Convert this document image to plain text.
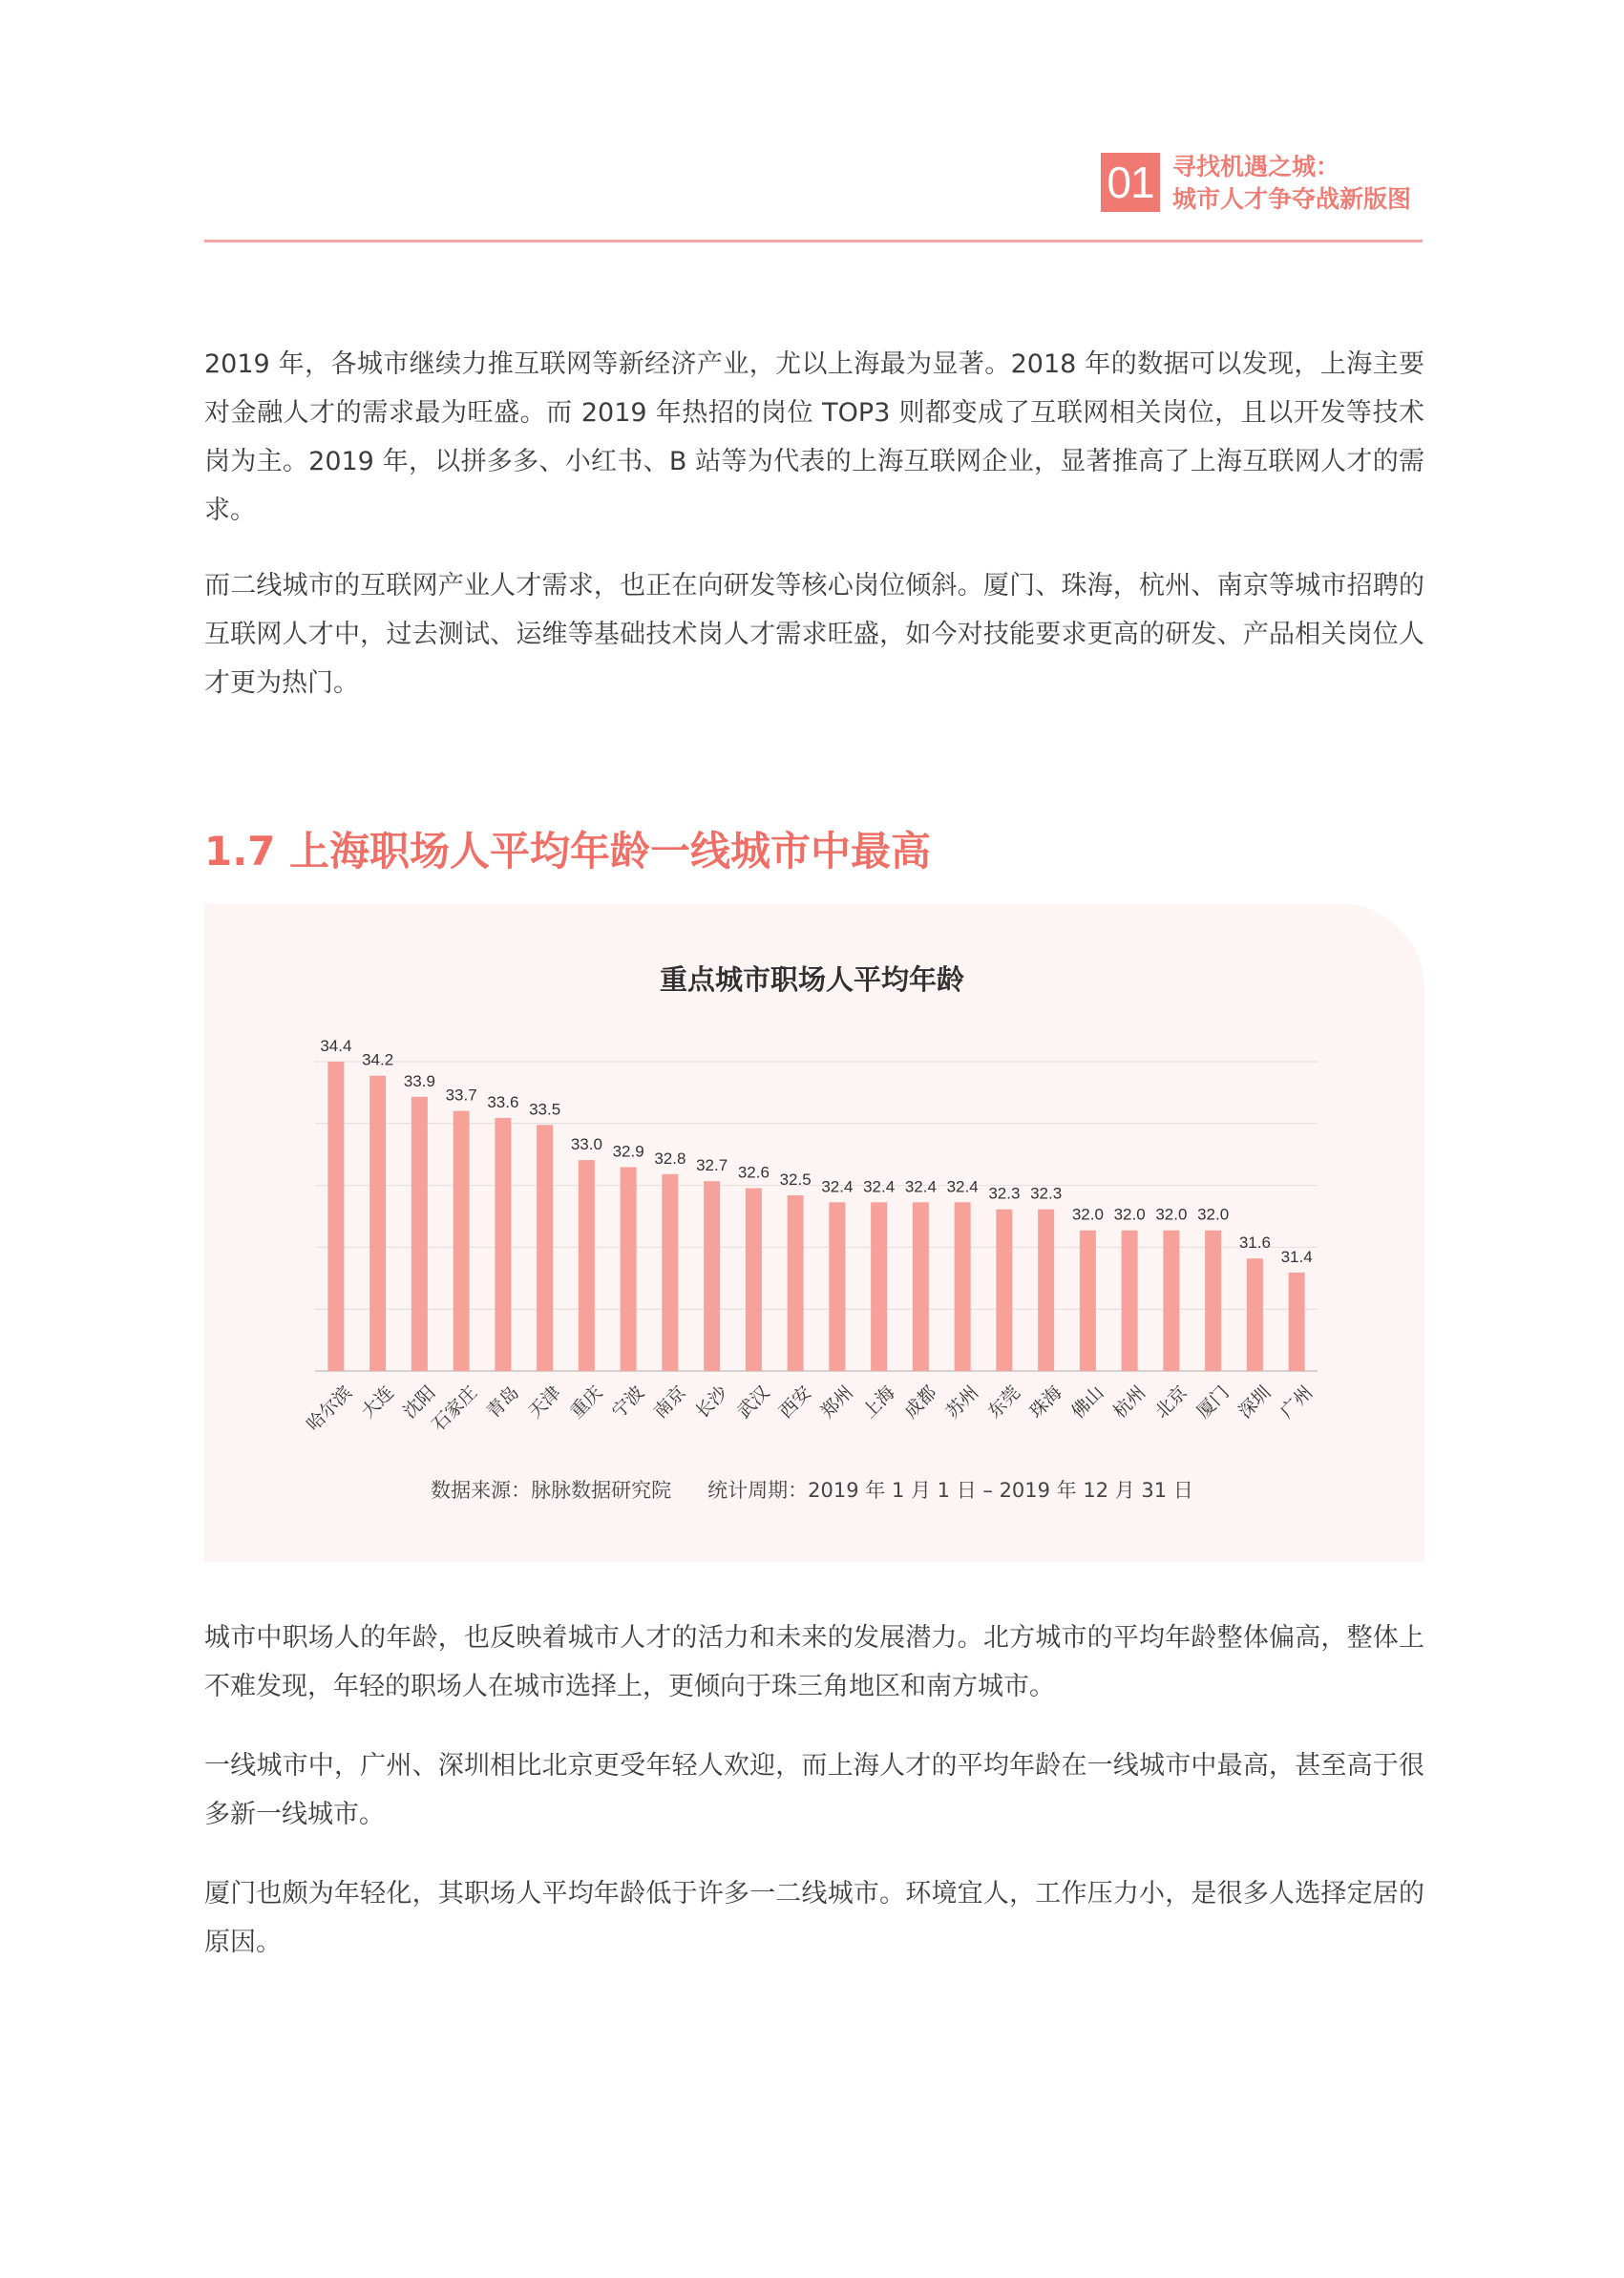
01 寻找机遇之城：
城市人才争夺战新版图

2019 年，各城市继续力推互联网等新经济产业，尤以上海最为显著。2018 年的数据可以发现，上海主要对金融人才的需求最为旺盛。而 2019 年热招的岗位 TOP3 则都变成了互联网相关岗位，且以开发等技术岗为主。2019 年，以拼多多、小红书、B 站等为代表的上海互联网企业，显著推高了上海互联网人才的需求。

而二线城市的互联网产业人才需求，也正在向研发等核心岗位倾斜。厦门、珠海，杭州、南京等城市招聘的互联网人才中，过去测试、运维等基础技术岗人才需求旺盛，如今对技能要求更高的研发、产品相关岗位人才更为热门。

1.7 上海职场人平均年龄一线城市中最高
重点城市职场人平均年龄
34.4
哈尔滨
34.2
大连
33.9
沈阳
33.7
石家庄
33.6
青岛
33.5
天津
33.0
重庆
32.9
宁波
32.8
南京
32.7
长沙
32.6
武汉
32.5
西安
32.4
郑州
32.4
上海
32.4
成都
32.4
苏州
32.3
东莞
32.3
珠海
32.0
佛山
32.0
杭州
32.0
北京
32.0
厦门
31.6
深圳
31.4
广州
数据来源：脉脉数据研究院 统计周期：2019 年 1 月 1 日 – 2019 年 12 月 31 日

城市中职场人的年龄，也反映着城市人才的活力和未来的发展潜力。北方城市的平均年龄整体偏高，整体上不难发现，年轻的职场人在城市选择上，更倾向于珠三角地区和南方城市。

一线城市中，广州、深圳相比北京更受年轻人欢迎，而上海人才的平均年龄在一线城市中最高，甚至高于很多新一线城市。

厦门也颇为年轻化，其职场人平均年龄低于许多一二线城市。环境宜人，工作压力小，是很多人选择定居的原因。
